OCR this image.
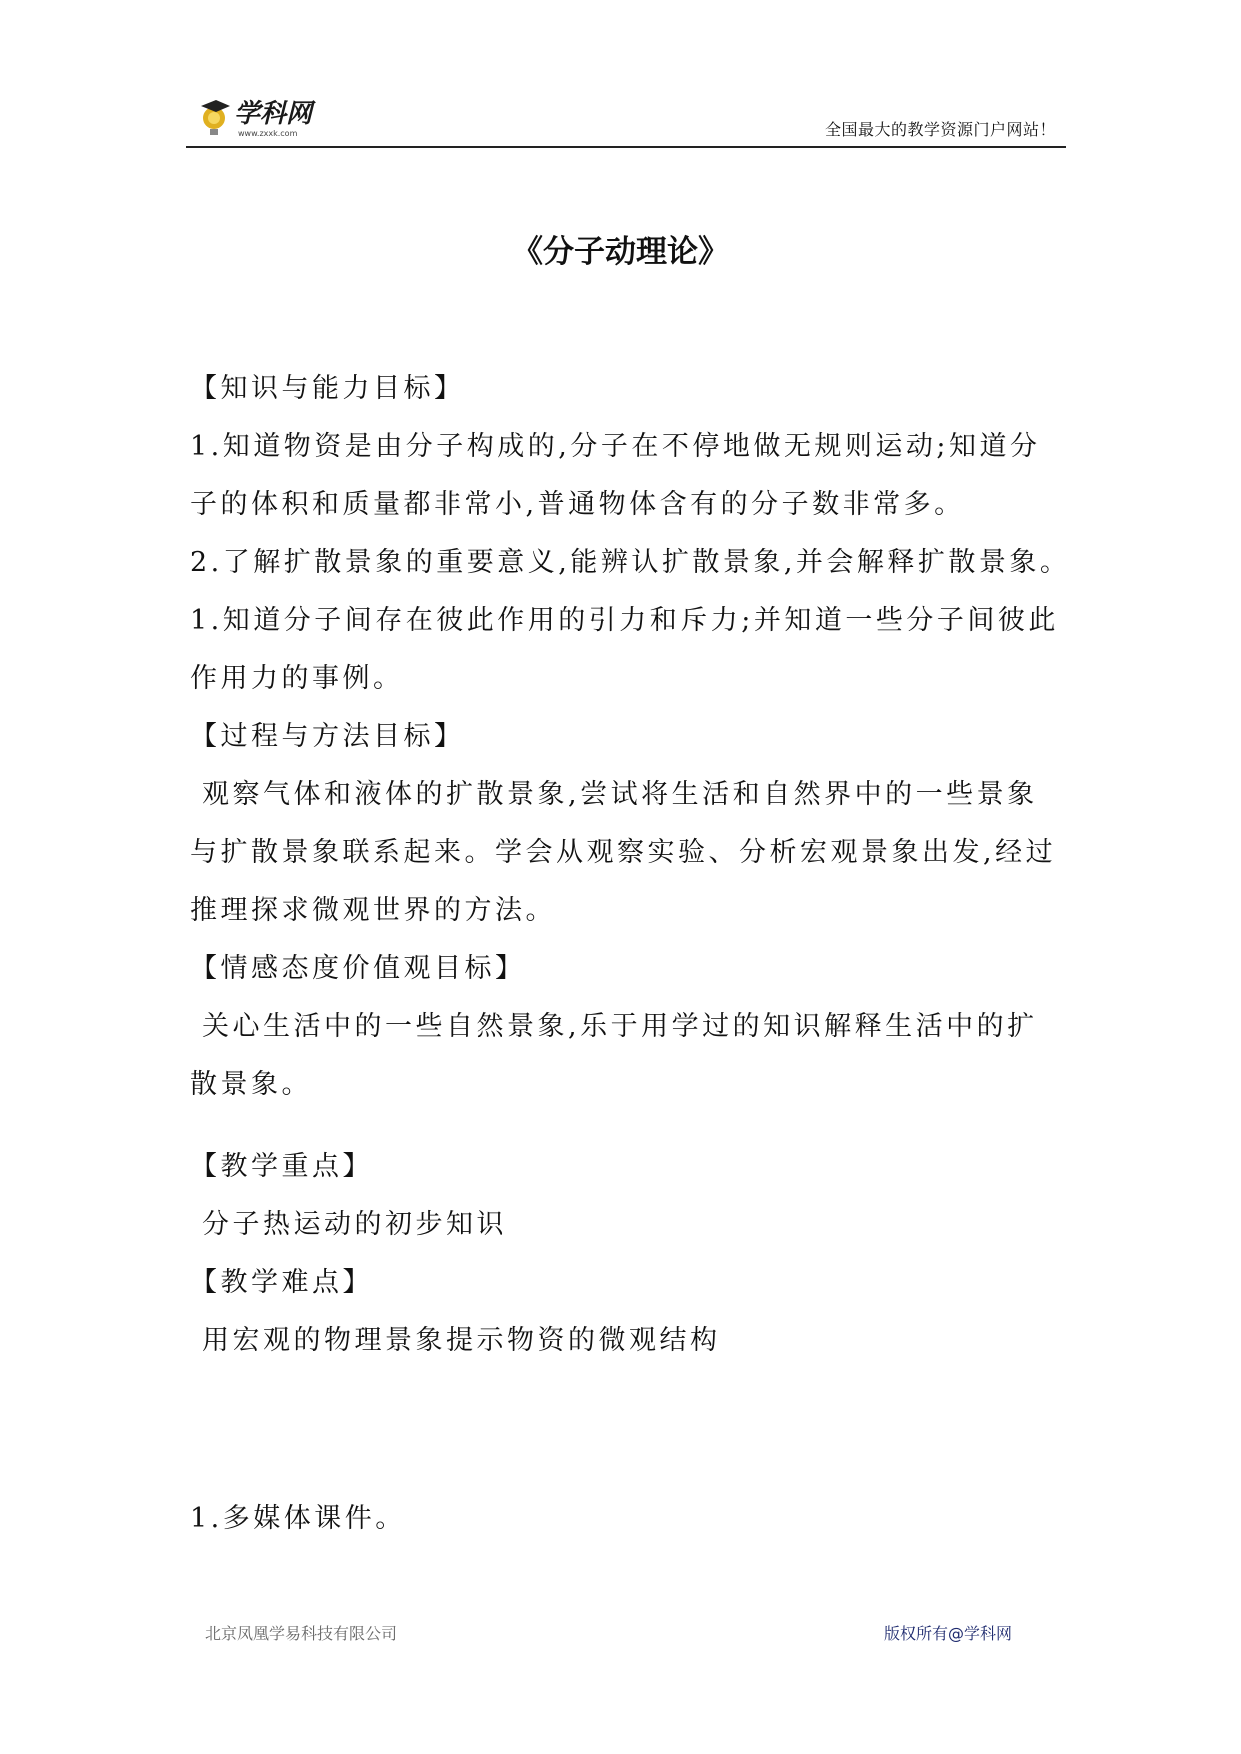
学科网
www.zxxk.com	全国最大的教学资源门户网站！
《分子动理论》

【知识与能力目标】

1.知道物资是由分子构成的,分子在不停地做无规则运动;知道分

子的体积和质量都非常小,普通物体含有的分子数非常多。

2.了解扩散景象的重要意义,能辨认扩散景象,并会解释扩散景象。

1.知道分子间存在彼此作用的引力和斥力;并知道一些分子间彼此

作用力的事例。

【过程与方法目标】

观察气体和液体的扩散景象,尝试将生活和自然界中的一些景象

与扩散景象联系起来。学会从观察实验、分析宏观景象出发,经过

推理探求微观世界的方法。

【情感态度价值观目标】

关心生活中的一些自然景象,乐于用学过的知识解释生活中的扩

散景象。

【教学重点】

分子热运动的初步知识

【教学难点】

用宏观的物理景象提示物资的微观结构

1.多媒体课件。

北京凤凰学易科技有限公司	版权所有@学科网
